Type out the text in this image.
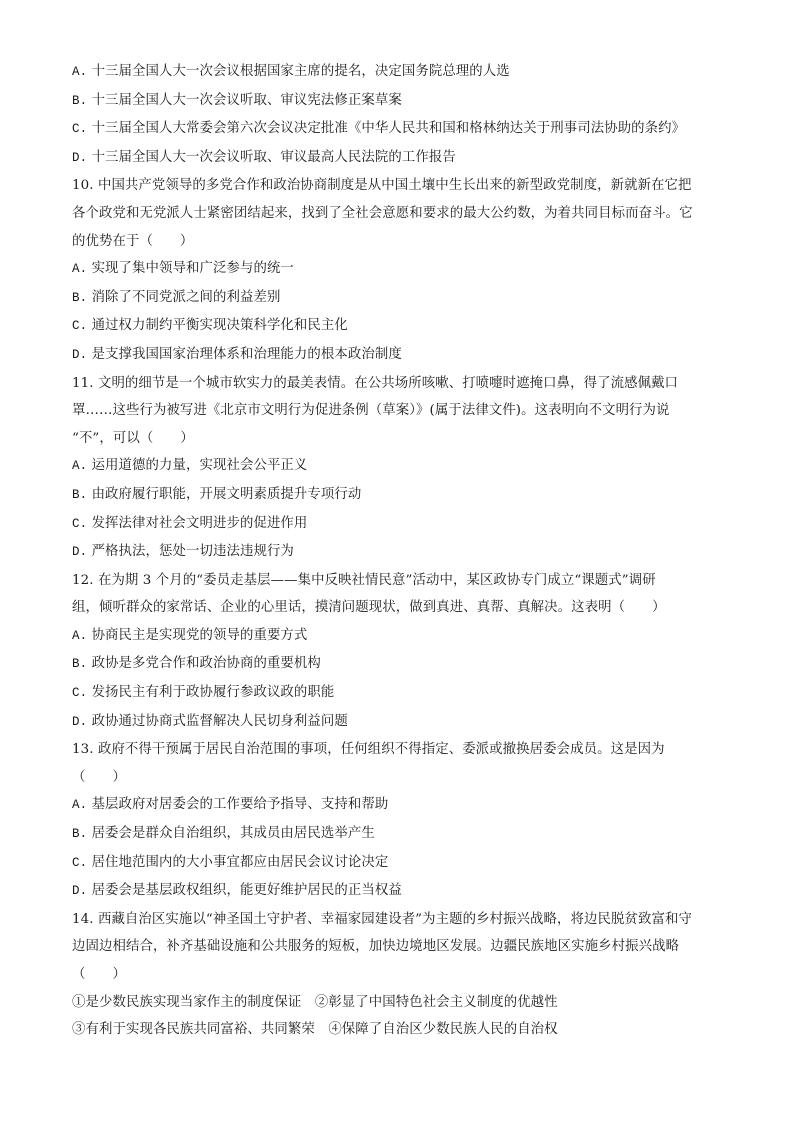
A. 十三届全国人大一次会议根据国家主席的提名，决定国务院总理的人选
B. 十三届全国人大一次会议听取、审议宪法修正案草案
C. 十三届全国人大常委会第六次会议决定批准《中华人民共和国和格林纳达关于刑事司法协助的条约》
D. 十三届全国人大一次会议听取、审议最高人民法院的工作报告
10. 中国共产党领导的多党合作和政治协商制度是从中国土壤中生长出来的新型政党制度，新就新在它把
各个政党和无党派人士紧密团结起来，找到了全社会意愿和要求的最大公约数，为着共同目标而奋斗。它
的优势在于（　　）
A. 实现了集中领导和广泛参与的统一
B. 消除了不同党派之间的利益差别
C. 通过权力制约平衡实现决策科学化和民主化
D. 是支撑我国国家治理体系和治理能力的根本政治制度
11. 文明的细节是一个城市软实力的最美表情。在公共场所咳嗽、打喷嚏时遮掩口鼻，得了流感佩戴口
罩……这些行为被写进《北京市文明行为促进条例（草案）》(属于法律文件)。这表明向不文明行为说
“不”，可以（　　）
A. 运用道德的力量，实现社会公平正义
B. 由政府履行职能，开展文明素质提升专项行动
C. 发挥法律对社会文明进步的促进作用
D. 严格执法，惩处一切违法违规行为
12. 在为期 3 个月的“委员走基层——集中反映社情民意”活动中，某区政协专门成立“课题式”调研
组，倾听群众的家常话、企业的心里话，摸清问题现状，做到真进、真帮、真解决。这表明（　　）
A. 协商民主是实现党的领导的重要方式
B. 政协是多党合作和政治协商的重要机构
C. 发扬民主有利于政协履行参政议政的职能
D. 政协通过协商式监督解决人民切身利益问题
13. 政府不得干预属于居民自治范围的事项，任何组织不得指定、委派或撤换居委会成员。这是因为
（　　）
A. 基层政府对居委会的工作要给予指导、支持和帮助
B. 居委会是群众自治组织，其成员由居民选举产生
C. 居住地范围内的大小事宜都应由居民会议讨论决定
D. 居委会是基层政权组织，能更好维护居民的正当权益
14. 西藏自治区实施以“神圣国土守护者、幸福家园建设者”为主题的乡村振兴战略，将边民脱贫致富和守
边固边相结合，补齐基础设施和公共服务的短板，加快边境地区发展。边疆民族地区实施乡村振兴战略
（　　）
①是少数民族实现当家作主的制度保证　②彰显了中国特色社会主义制度的优越性
③有利于实现各民族共同富裕、共同繁荣　④保障了自治区少数民族人民的自治权
